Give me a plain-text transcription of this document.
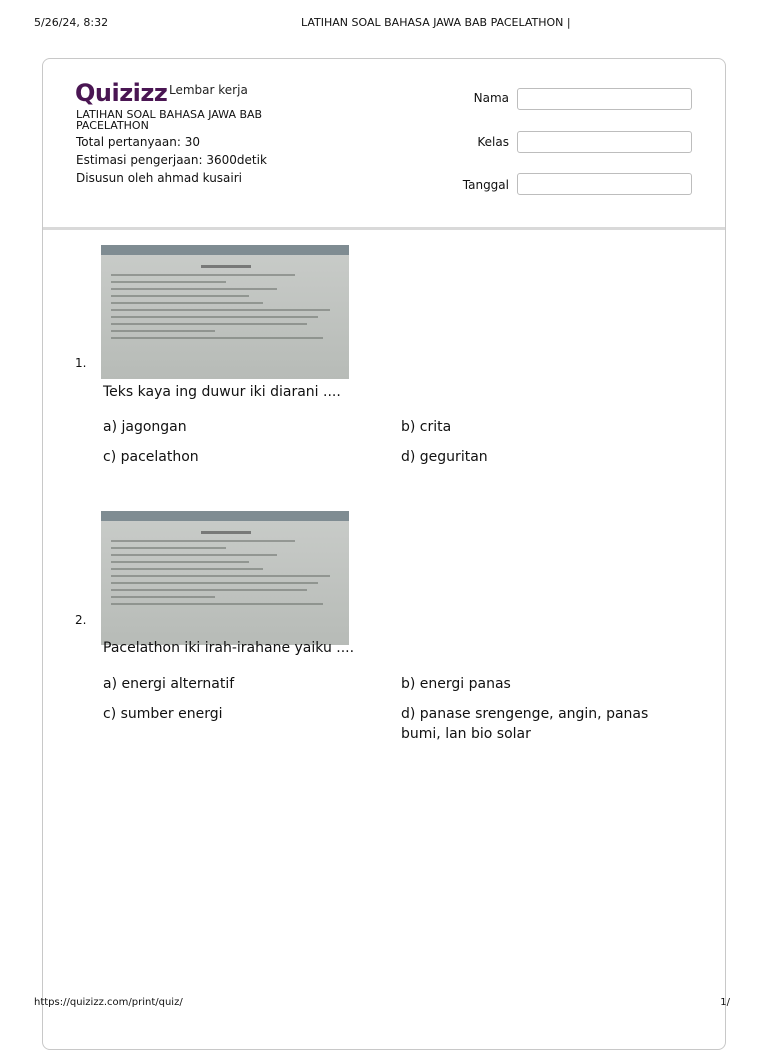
5/26/24, 8:32	LATIHAN SOAL BAHASA JAWA BAB PACELATHON |
Quizizz Lembar kerja
LATIHAN SOAL BAHASA JAWA BAB PACELATHON
Total pertanyaan: 30
Estimasi pengerjaan: 3600detik
Disusun oleh ahmad kusairi
Nama
Kelas
Tanggal
1.
Teks kaya ing duwur iki diarani ....
a) jagongan	b) crita
c) pacelathon	d) geguritan
2.
Pacelathon iki irah-irahane yaiku ....
a) energi alternatif	b) energi panas
c) sumber energi	d) panase srengenge, angin, panas bumi, lan bio solar
https://quizizz.com/print/quiz/	1/
